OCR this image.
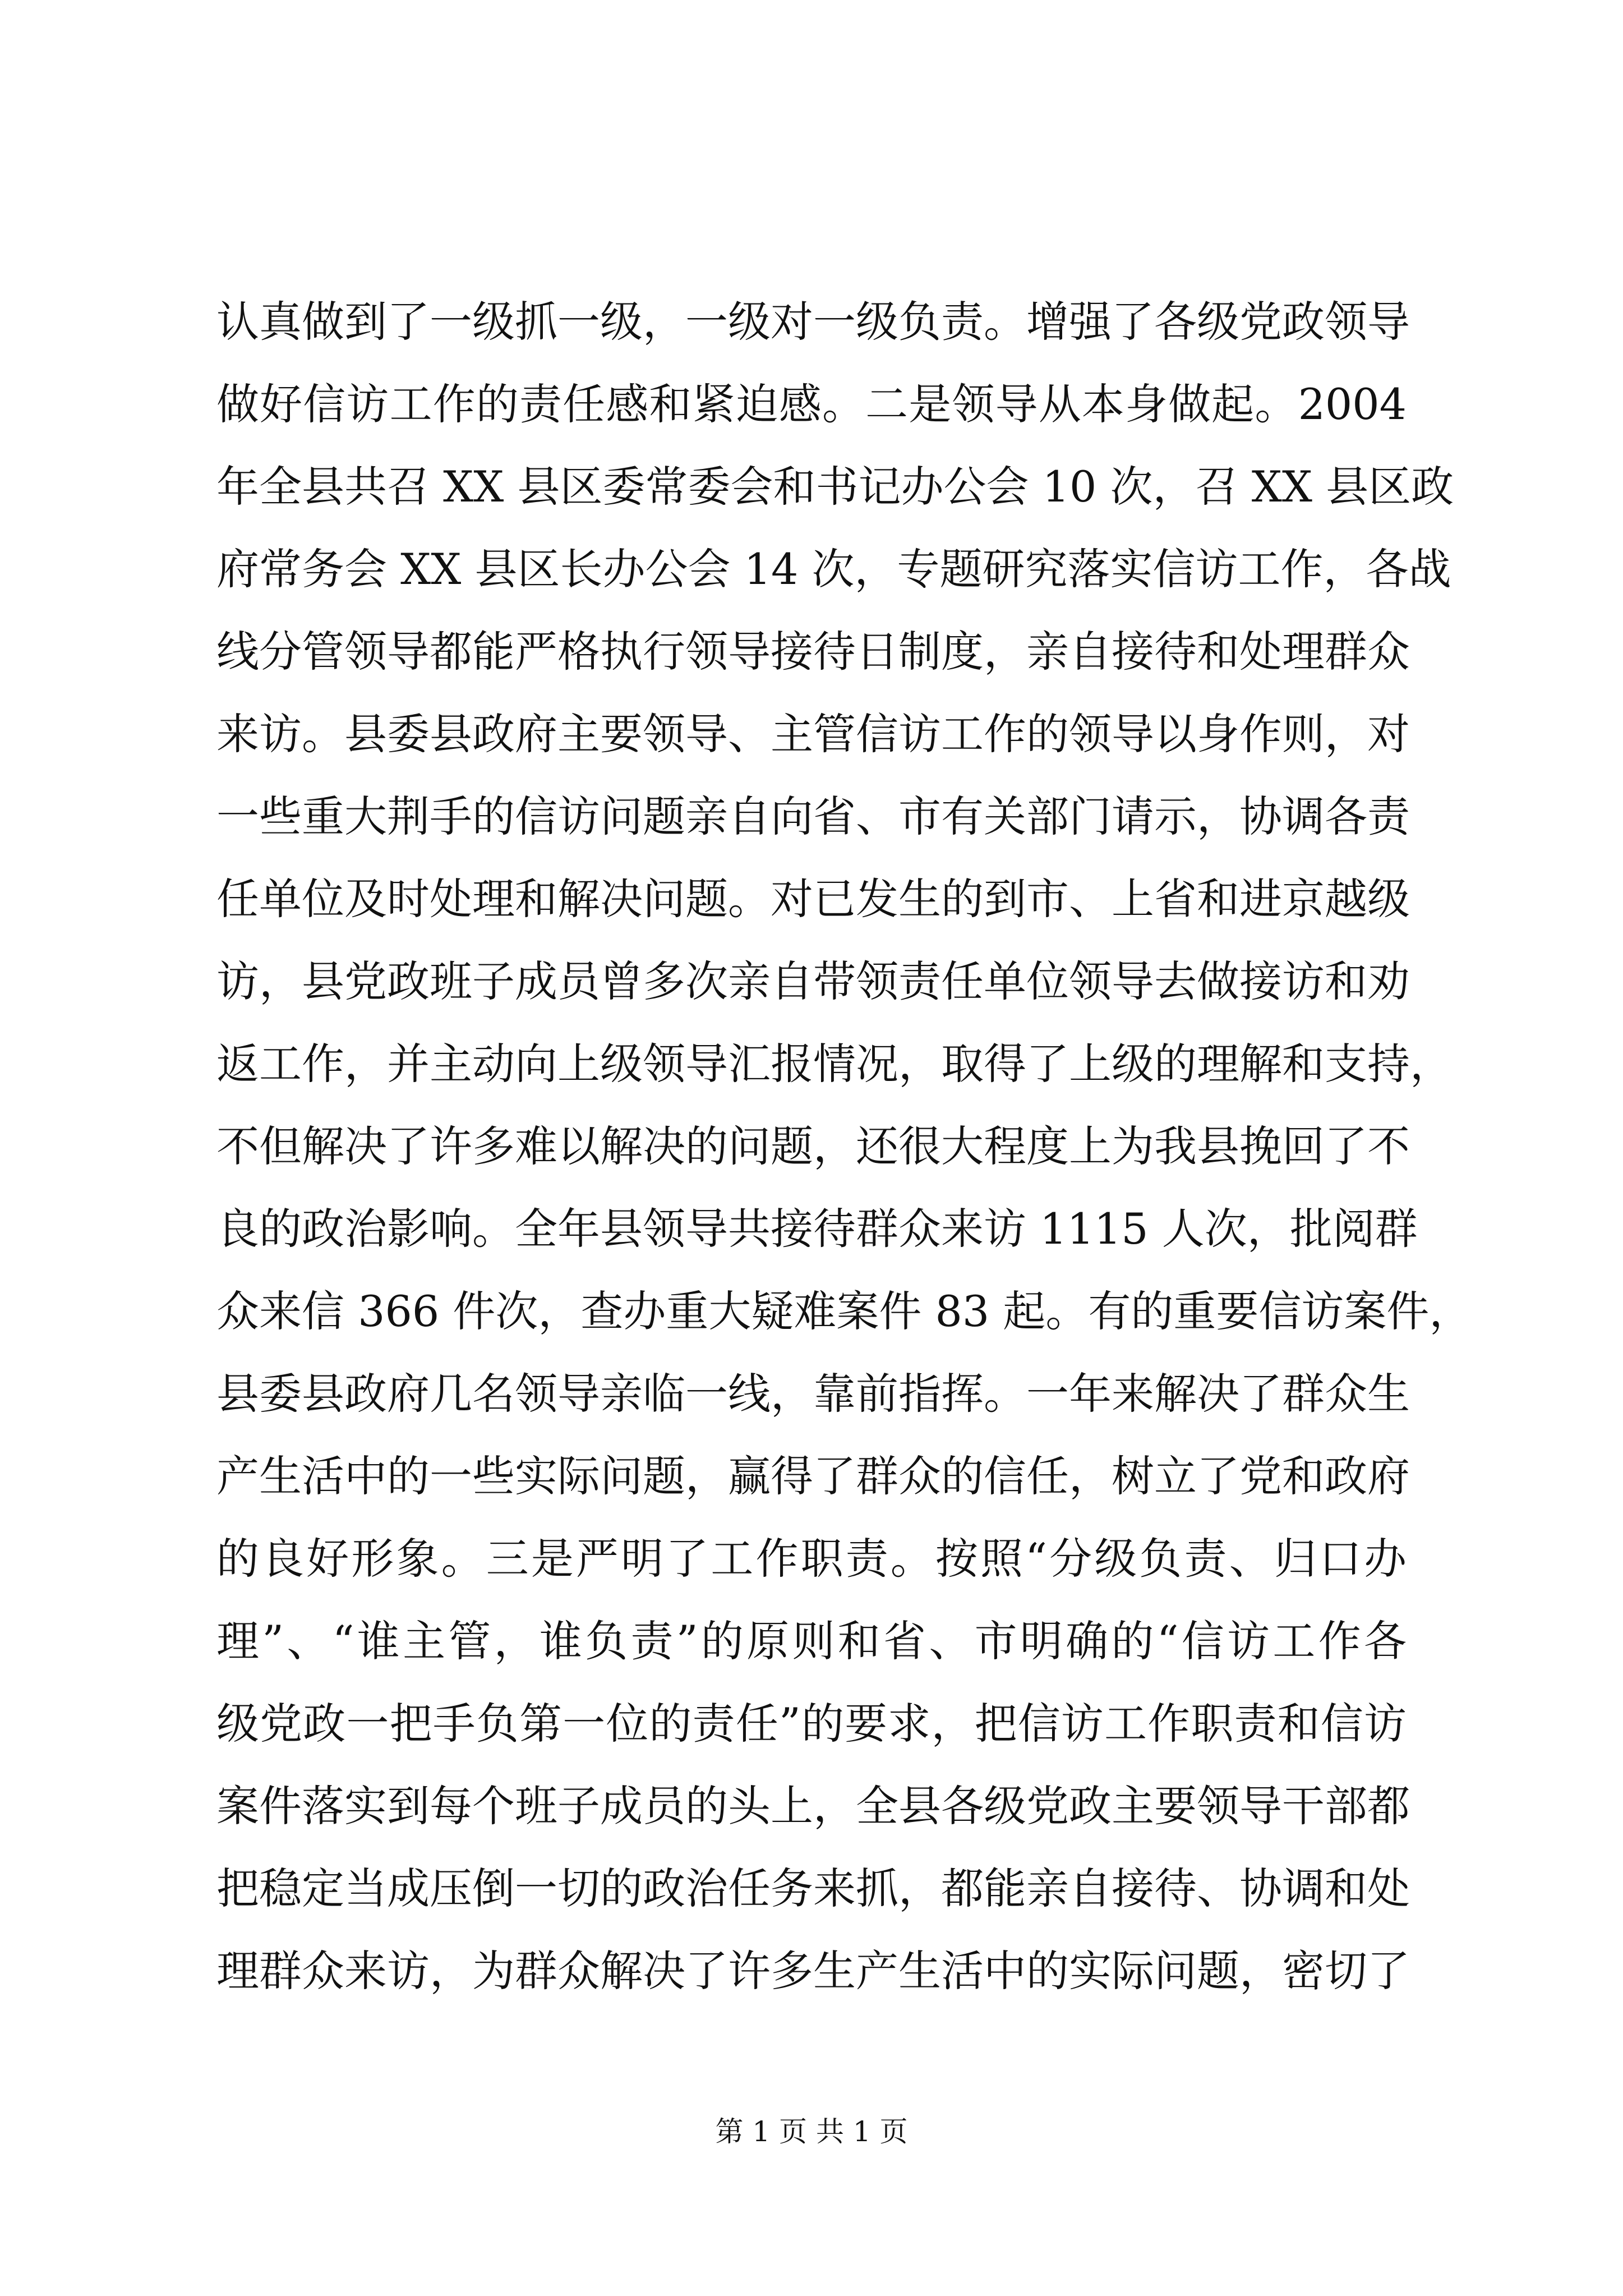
认真做到了一级抓一级，一级对一级负责。增强了各级党政领导
做好信访工作的责任感和紧迫感。二是领导从本身做起。2004
年全县共召 XX 县区委常委会和书记办公会 10 次，召 XX 县区政
府常务会 XX 县区长办公会 14 次，专题研究落实信访工作，各战
线分管领导都能严格执行领导接待日制度，亲自接待和处理群众
来访。县委县政府主要领导、主管信访工作的领导以身作则，对
一些重大荆手的信访问题亲自向省、市有关部门请示，协调各责
任单位及时处理和解决问题。对已发生的到市、上省和进京越级
访，县党政班子成员曾多次亲自带领责任单位领导去做接访和劝
返工作，并主动向上级领导汇报情况，取得了上级的理解和支持，
不但解决了许多难以解决的问题，还很大程度上为我县挽回了不
良的政治影响。全年县领导共接待群众来访 1115 人次，批阅群
众来信 366 件次，查办重大疑难案件 83 起。有的重要信访案件，
县委县政府几名领导亲临一线，靠前指挥。一年来解决了群众生
产生活中的一些实际问题，赢得了群众的信任，树立了党和政府
的良好形象。三是严明了工作职责。按照“分级负责、归口办
理”、“谁主管，谁负责”的原则和省、市明确的“信访工作各
级党政一把手负第一位的责任”的要求，把信访工作职责和信访
案件落实到每个班子成员的头上，全县各级党政主要领导干部都
把稳定当成压倒一切的政治任务来抓，都能亲自接待、协调和处
理群众来访，为群众解决了许多生产生活中的实际问题，密切了
第 1 页 共 1 页
